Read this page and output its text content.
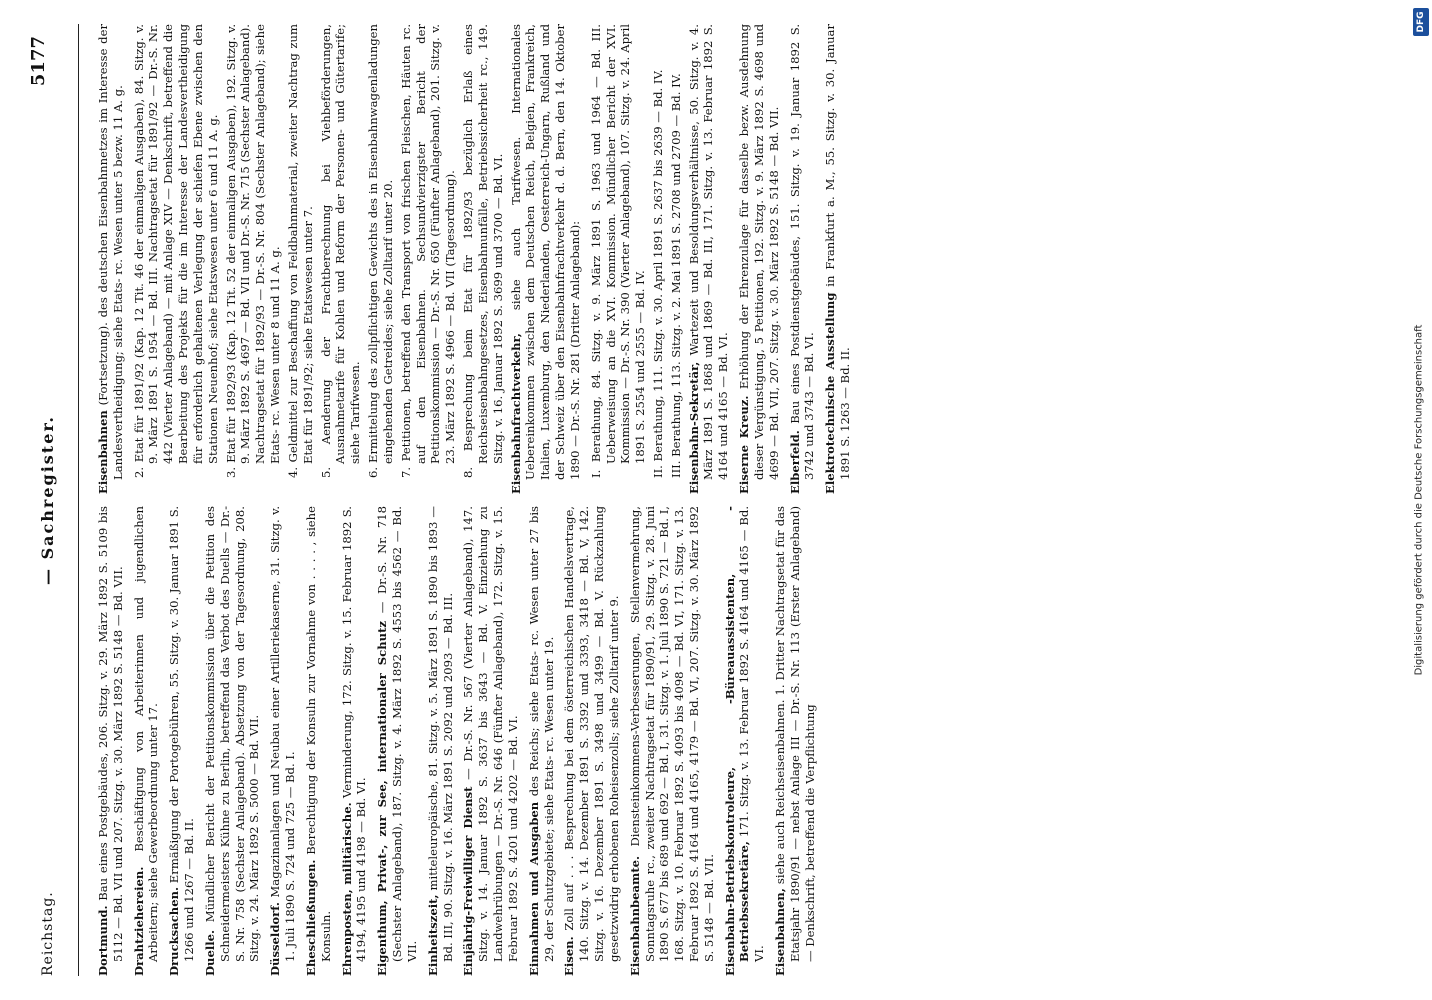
Reichstag.
— Sachregister.
5177

Dortmund. Bau eines Postgebäudes, 206. Sitzg. v. 29. März 1892 S. 5109 bis 5112 — Bd. VII und 207. Sitzg. v. 30. März 1892 S. 5148 — Bd. VII. Drahtziehereien. Beschäftigung von Arbeiterinnen und jugendlichen Arbeitern; siehe Gewerbeordnung unter 17. Drucksachen. Ermäßigung der Portogebühren, 55. Sitzg. v. 30. Januar 1891 S. 1266 und 1267 — Bd. II. Duelle. Mündlicher Bericht der Petitionskommission über die Petition des Schneidermeisters Kühne zu Berlin, betreffend das Verbot des Duells — Dr.-S. Nr. 758 (Sechster Anlageband). Absetzung von der Tagesordnung, 208. Sitzg. v. 24. März 1892 S. 5000 — Bd. VII. Düsseldorf. Magazinanlagen und Neubau einer Artilleriekaserne, 31. Sitzg. v. 1. Juli 1890 S. 724 und 725 — Bd. I. Eheschließungen. Berechtigung der Konsuln zur Vornahme von . . . . , siehe Konsuln. Ehrenposten, militärische. Verminderung, 172. Sitzg. v. 15. Februar 1892 S. 4194, 4195 und 4198 — Bd. VI. Eigenthum, Privat-, zur See, internationaler Schutz — Dr.-S. Nr. 718 (Sechster Anlageband), 187. Sitzg. v. 4. März 1892 S. 4553 bis 4562 — Bd. VII. Einheitszeit, mitteleuropäische, 81. Sitzg. v. 5. März 1891 S. 1890 bis 1893 — Bd. III, 90. Sitzg. v. 16. März 1891 S. 2092 und 2093 — Bd. III. Einjährig-Freiwilliger Dienst — Dr.-S. Nr. 567 (Vierter Anlageband), 147. Sitzg. v. 14. Januar 1892 S. 3637 bis 3643 — Bd. V. Einziehung zu Landwehrübungen — Dr.-S. Nr. 646 (Fünfter Anlageband), 172. Sitzg. v. 15. Februar 1892 S. 4201 und 4202 — Bd. VI. Einnahmen und Ausgaben des Reichs; siehe Etats- rc. Wesen unter 27 bis 29, der Schutzgebiete; siehe Etats- rc. Wesen unter 19. Eisen. Zoll auf . . . Besprechung bei dem österreichischen Handelsvertrage, 140. Sitzg. v. 14. Dezember 1891 S. 3392 und 3393, 3418 — Bd. V, 142. Sitzg. v. 16. Dezember 1891 S. 3498 und 3499 — Bd. V. Rückzahlung gesetzwidrig erhobenen Roheisenzolls; siehe Zolltarif unter 9. Eisenbahnbeamte. Diensteinkommens-Verbesserungen, Stellenvermehrung, Sonntagsruhe rc., zweiter Nachtragsetat für 1890/91, 29. Sitzg. v. 28. Juni 1890 S. 677 bis 689 und 692 — Bd. I, 31. Sitzg. v. 1. Juli 1890 S. 721 — Bd. I, 168. Sitzg. v. 10. Februar 1892 S. 4093 bis 4098 — Bd. VI, 171. Sitzg. v. 13. Februar 1892 S. 4164 und 4165, 4179 — Bd. VI, 207. Sitzg. v. 30. März 1892 S. 5148 — Bd. VII. Eisenbahn-Betriebskontroleure, -Büreauassistenten, -Betriebssekretäre, 171. Sitzg. v. 13. Februar 1892 S. 4164 und 4165 — Bd. VI. Eisenbahnen, siehe auch Reichseisenbahnen. 1. Dritter Nachtragsetat für das Etatsjahr 1890/91 — nebst Anlage III — Dr.-S. Nr. 113 (Erster Anlageband) — Denkschrift, betreffend die Verpflichtung

Eisenbahnen (Fortsetzung). des deutschen Eisenbahnnetzes im Interesse der Landesvertheidigung; siehe Etats- rc. Wesen unter 5 bezw. 11 A. g. 2. Etat für 1891/92 (Kap. 12 Tit. 46 der einmaligen Ausgaben), 84. Sitzg. v. 9. März 1891 S. 1954 — Bd. III. Nachtragsetat für 1891/92 — Dr.-S. Nr. 442 (Vierter Anlageband) — mit Anlage XIV — Denkschrift, betreffend die Bearbeitung des Projekts für die im Interesse der Landesvertheidigung für erforderlich gehaltenen Verlegung der schiefen Ebene zwischen den Stationen Neuenhof; siehe Etatswesen unter 6 und 11 A. g.

3. Etat für 1892/93 (Kap. 12 Tit. 52 der einmaligen Ausgaben), 192. Sitzg. v. 9. März 1892 S. 4697 — Bd. VII und Dr.-S. Nr. 715 (Sechster Anlageband). Nachtragsetat für 1892/93 — Dr.-S. Nr. 804 (Sechster Anlageband); siehe Etats- rc. Wesen unter 8 und 11 A. g.

4. Geldmittel zur Beschaffung von Feldbahnmaterial, zweiter Nachtrag zum Etat für 1891/92; siehe Etatswesen unter 7.

5. Aenderung der Frachtberechnung bei Viehbeförderungen, Ausnahmetarife für Kohlen und Reform der Personen- und Gütertarife; siehe Tarifwesen.

6. Ermittelung des zollpflichtigen Gewichts des in Eisenbahnwagenladungen eingehenden Getreides; siehe Zolltarif unter 20.

7. Petitionen, betreffend den Transport von frischen Fleischen, Häuten rc. auf den Eisenbahnen. Sechsundvierzigster Bericht der Petitionskommission — Dr.-S. Nr. 650 (Fünfter Anlageband), 201. Sitzg. v. 23. März 1892 S. 4966 — Bd. VII (Tagesordnung).

8. Besprechung beim Etat für 1892/93 bezüglich Erlaß eines Reichseisenbahngesetzes, Eisenbahnunfälle, Betriebssicherheit rc., 149. Sitzg. v. 16. Januar 1892 S. 3699 und 3700 — Bd. VI. Eisenbahnfrachtverkehr, siehe auch Tarifwesen. Internationales Uebereinkommen zwischen dem Deutschen Reich, Belgien, Frankreich, Italien, Luxemburg, den Niederlanden, Oesterreich-Ungarn, Rußland und der Schweiz über den Eisenbahnfrachtverkehr d. d. Bern, den 14. Oktober 1890 — Dr.-S. Nr. 281 (Dritter Anlageband): I. Berathung, 84. Sitzg. v. 9. März 1891 S. 1963 und 1964 — Bd. III. Ueberweisung an die XVI. Kommission. Mündlicher Bericht der XVI. Kommission — Dr.-S. Nr. 390 (Vierter Anlageband), 107. Sitzg. v. 24. April 1891 S. 2554 und 2555 — Bd. IV.

II. Berathung, 111. Sitzg. v. 30. April 1891 S. 2637 bis 2639 — Bd. IV.

III. Berathung, 113. Sitzg. v. 2. Mai 1891 S. 2708 und 2709 — Bd. IV. Eisenbahn-Sekretär, Wartezeit und Besoldungsverhältnisse, 50. Sitzg. v. 4. März 1891 S. 1868 und 1869 — Bd. III, 171. Sitzg. v. 13. Februar 1892 S. 4164 und 4165 — Bd. VI. Eiserne Kreuz. Erhöhung der Ehrenzulage für dasselbe bezw. Ausdehnung dieser Vergünstigung, 5 Petitionen, 192. Sitzg. v. 9. März 1892 S. 4698 und 4699 — Bd. VII, 207. Sitzg. v. 30. März 1892 S. 5148 — Bd. VII. Elberfeld. Bau eines Postdienstgebäudes, 151. Sitzg. v. 19. Januar 1892 S. 3742 und 3743 — Bd. VI. Elektrotechnische Ausstellung in Frankfurt a. M., 55. Sitzg. v. 30. Januar 1891 S. 1263 — Bd. II.	Digitalisierung gefördert durch die Deutsche Forschungsgemeinschaft
DFG
